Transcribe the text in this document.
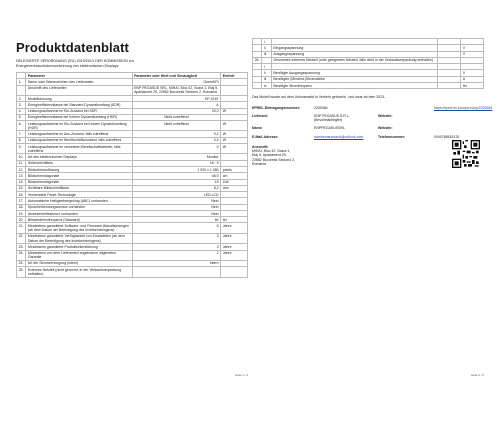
Produktdatenblatt
DELEGIERTE VERORDNUNG (EU) 2019/2013 DER KOMMISSION zur
Energieverbrauchskennzeichnung von elektronischen Displays
	Parameter	Parameter oder Wert und Genauigkeit	Einheit
1.	Name oder Warenzeichen des Lieferanten	GeemKPI	
	Anschrift des Lieferanten	ENP PEGASUS SRL, MIHAI, Bloc 42, Scara 1, Etaj 5, Apartament 29, 22882 Bucuresti Sectorul 2, Romania	
2.	Modellkennung	EP-0187	
3.	Energieeffizienzklasse bei Standard Dynamikumfang (SDR)	A	
4.	Leistungsaufnahme im Ein-Zustand bei SDR	20,0	W
5.	Energieeffizienzklasse bei hohem Dynamikumfang (HDR)	Nicht zutreffend	
6.	Leistungsaufnahme im Ein-Zustand bei hohem Dynamikumfang (HDR)	Nicht zutreffend	W
7.	Leistungsaufnahme im Aus-Zustand, falls zutreffend	0,2	W
8.	Leistungsaufnahme im Bereitschaftszustand, falls zutreffend	0,4	W
9.	Leistungsaufnahme im vernetzten Bereitschaftsbetrieb, falls zutreffend	0	W
10.	Art des elektronischen Displays	Monitor	
11.	Seitenverhältnis	16 : 9	
12.	Bildschirmauflösung	1 920 x 1 080	pixels
13.	Bildschirmdiagonale	46,9	cm
14.	Bildschirmdiagonale	19	Zoll
15.	Sichtbare Bildschirmfläche	8,2	dm²
16.	Verwendete Panel-Technologie	LED LCD	
17.	Automatische Helligkeitsregelung (ABC) vorhanden	Nein	
18.	Spracherkennungssensor vorhanden	Nein	
19.	Anwesenheitssensor vorhanden	Nein	
20.	Bildwiederholfrequenz (Standard)	60	Hz
21.	Mindestens garantierte Software- und Firmware-Aktualisierungen (ab dem Datum der Beendigung des Inverkehrbringens)	5	Jahre
22.	Mindestens garantierte Verfügbarkeit von Ersatzteilen (ab dem Datum der Beendigung des Inverkehrbringens)	3	Jahre
23.	Mindestens garantierte Produktunterstützung	3	Jahre
24.	Mindestens von dem Lieferanten angebotene allgemeine Garantie	2	Jahre
24.	Art der Stromversorgung (intern)	Intern	
25.	Externes Netzteil (nicht genormt, in der Verkaufsverpackung enthalten)		
seite 1 / 2
	i			
	ii	Eingangsspannung		V
	iii	Ausgangsspannung		V
26.		Genormtes externes Netzteil (oder geeignetes Netzteil, falls nicht in der Verkaufsverpackung enthalten)		
	i			
	ii	Benötigte Ausgangsspannung		V
	iii	Benötigter (Mindest-)Stromstärke		A
	iv	Benötigte Stromfrequenz		Hz
Das Modell wurde auf dem Unionsmarkt in Verkehr gebracht , und zwar ab dem 2023-
EPREL-Eintragungsnummer:	2230364	https://eprel.ec.europa.eu/qr/2230364
Lieferant:	ENP PEGASUS S.R.L. (Bevollmächtigter)
Website:
Name:	ENPPEGASUSSRL	Website:
E-Mail-Adresse:	marinemarcmack@outlook.com	Telefonnummer:	0040768515176
Anschrift:
MIHAI, Bloc 42, Scara 1,
Etaj 5, Apartament 29,
22882 Bucuresti Sectorul 2,
Romania
seite 2 / 2
